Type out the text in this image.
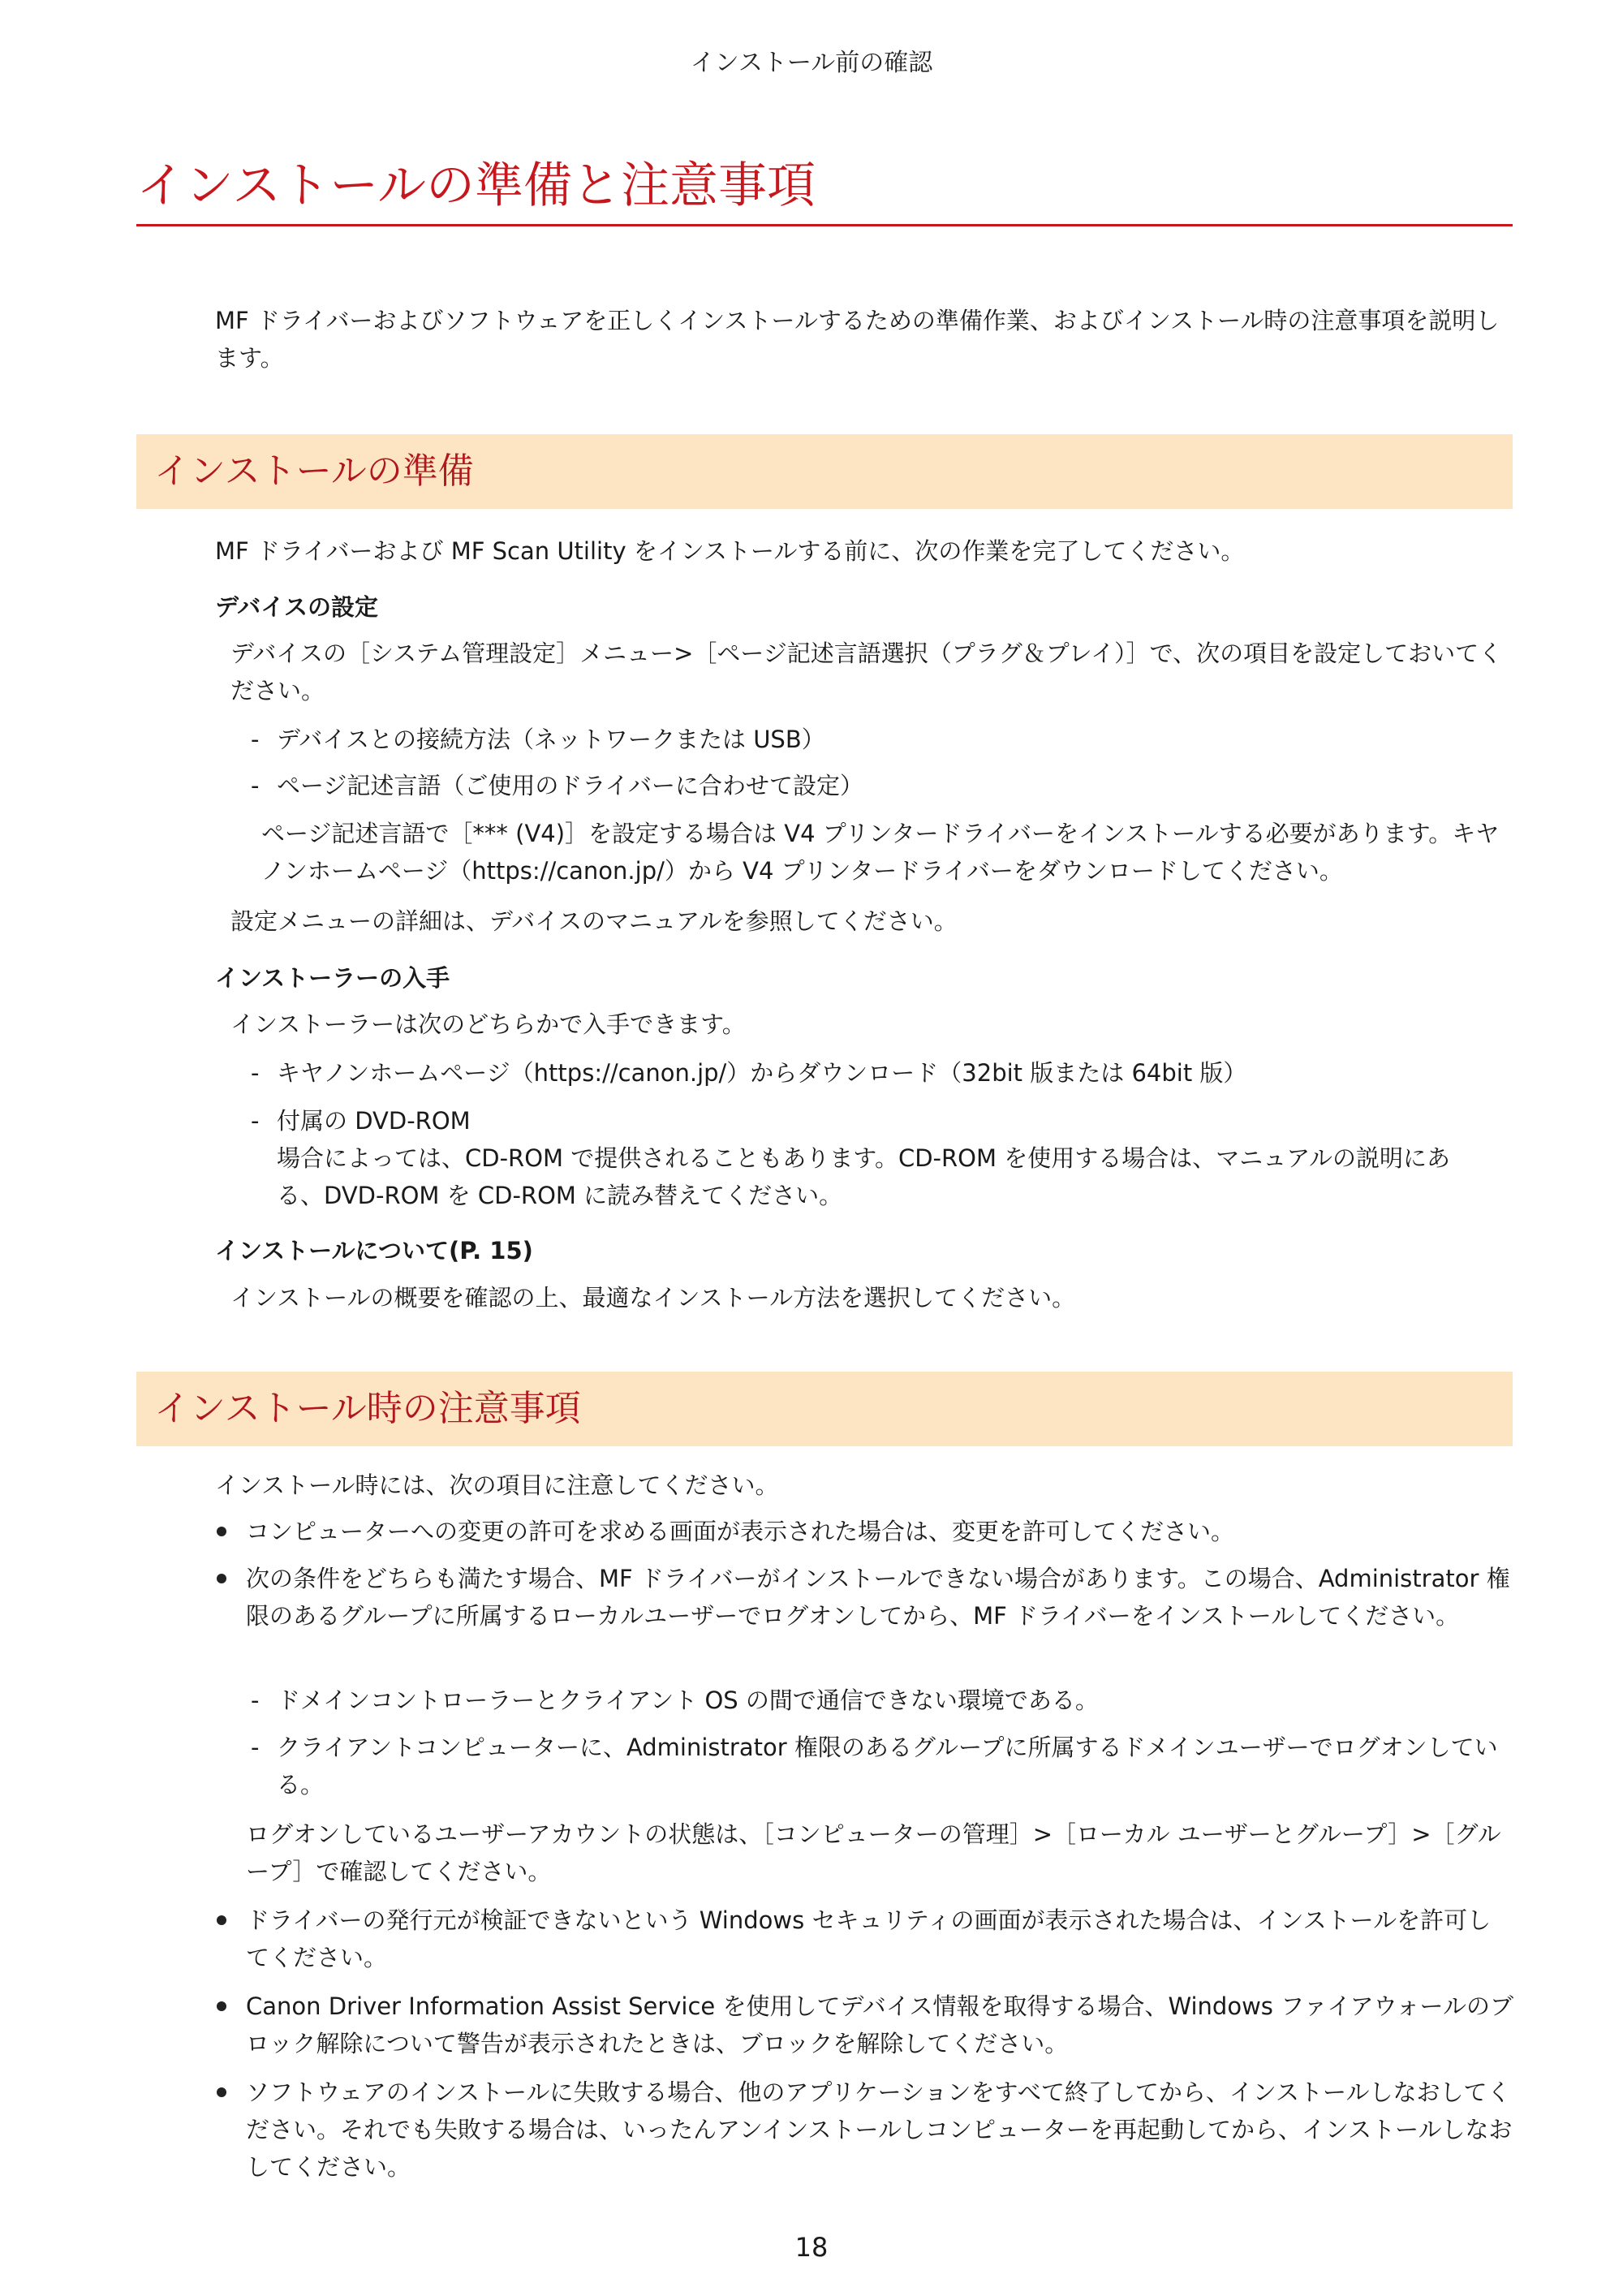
インストール前の確認
インストールの準備と注意事項

MF ドライバーおよびソフトウェアを正しくインストールするための準備作業、およびインストール時の注意事項を説明します。

インストールの準備

MF ドライバーおよび MF Scan Utility をインストールする前に、次の作業を完了してください。

デバイスの設定

デバイスの［システム管理設定］メニュー>［ページ記述言語選択（プラグ＆プレイ）］で、次の項目を設定しておいてください。

- デバイスとの接続方法（ネットワークまたは USB）
- ページ記述言語（ご使用のドライバーに合わせて設定）

ページ記述言語で［*** (V4)］を設定する場合は V4 プリンタードライバーをインストールする必要があります。キヤノンホームページ（https://canon.jp/）から V4 プリンタードライバーをダウンロードしてください。

設定メニューの詳細は、デバイスのマニュアルを参照してください。

インストーラーの入手

インストーラーは次のどちらかで入手できます。

- キヤノンホームページ（https://canon.jp/）からダウンロード（32bit 版または 64bit 版）
- 付属の DVD-ROM

場合によっては、CD-ROM で提供されることもあります。CD-ROM を使用する場合は、マニュアルの説明にある、DVD-ROM を CD-ROM に読み替えてください。

インストールについて(P. 15)

インストールの概要を確認の上、最適なインストール方法を選択してください。

インストール時の注意事項

インストール時には、次の項目に注意してください。

コンピューターへの変更の許可を求める画面が表示された場合は、変更を許可してください。
次の条件をどちらも満たす場合、MF ドライバーがインストールできない場合があります。この場合、Administrator 権限のあるグループに所属するローカルユーザーでログオンしてから、MF ドライバーをインストールしてください。
- ドメインコントローラーとクライアント OS の間で通信できない環境である。
- クライアントコンピューターに、Administrator 権限のあるグループに所属するドメインユーザーでログオンしている。

ログオンしているユーザーアカウントの状態は、［コンピューターの管理］>［ローカル ユーザーとグループ］>［グループ］で確認してください。

ドライバーの発行元が検証できないという Windows セキュリティの画面が表示された場合は、インストールを許可してください。
Canon Driver Information Assist Service を使用してデバイス情報を取得する場合、Windows ファイアウォールのブロック解除について警告が表示されたときは、ブロックを解除してください。
ソフトウェアのインストールに失敗する場合、他のアプリケーションをすべて終了してから、インストールしなおしてください。それでも失敗する場合は、いったんアンインストールしコンピューターを再起動してから、インストールしなおしてください。
18
